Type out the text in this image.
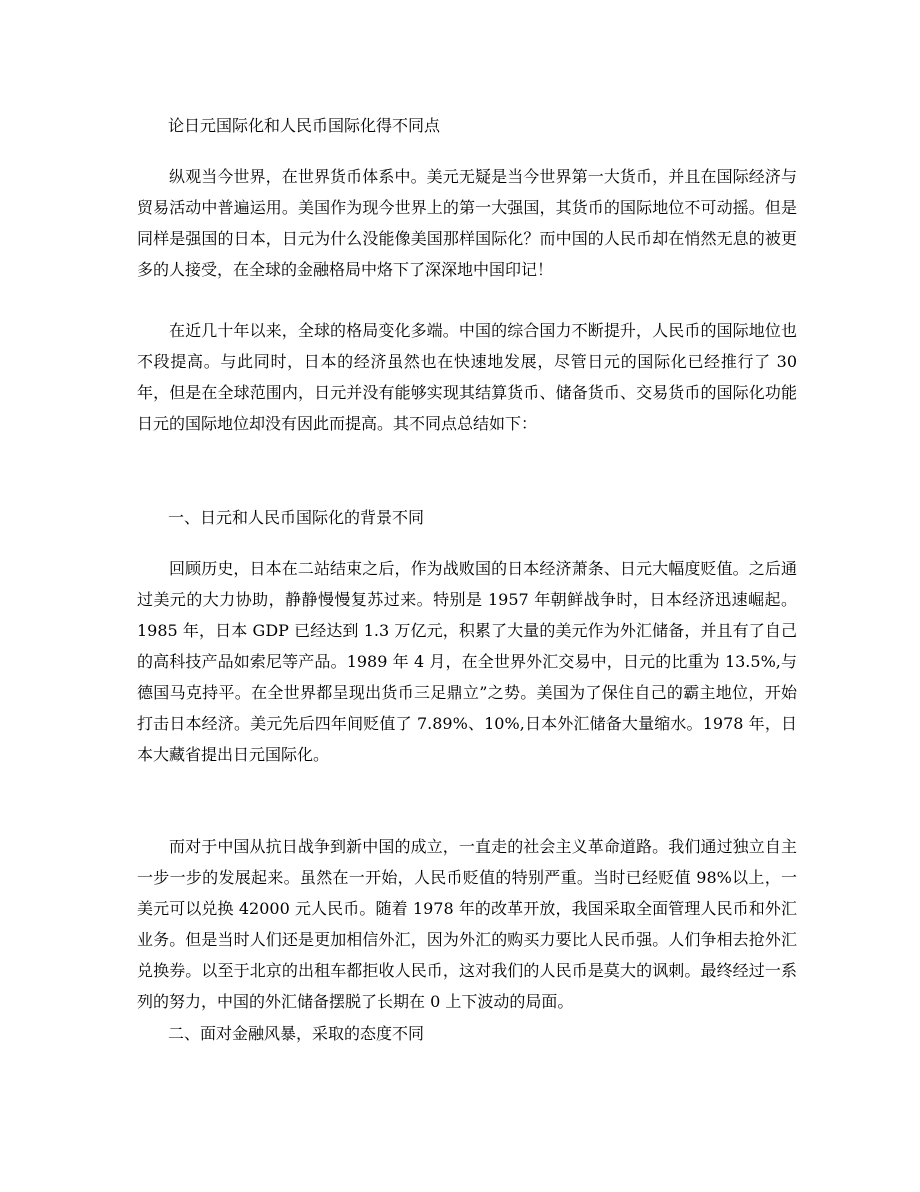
论日元国际化和人民币国际化得不同点

纵观当今世界，在世界货币体系中。美元无疑是当今世界第一大货币，并且在国际经济与贸易活动中普遍运用。美国作为现今世界上的第一大强国，其货币的国际地位不可动摇。但是同样是强国的日本，日元为什么没能像美国那样国际化？而中国的人民币却在悄然无息的被更多的人接受，在全球的金融格局中烙下了深深地中国印记！

在近几十年以来，全球的格局变化多端。中国的综合国力不断提升，人民币的国际地位也不段提高。与此同时，日本的经济虽然也在快速地发展，尽管日元的国际化已经推行了 30 年，但是在全球范围内，日元并没有能够实现其结算货币、储备货币、交易货币的国际化功能日元的国际地位却没有因此而提高。其不同点总结如下：

一、日元和人民币国际化的背景不同

回顾历史，日本在二站结束之后，作为战败国的日本经济萧条、日元大幅度贬值。之后通过美元的大力协助，静静慢慢复苏过来。特别是 1957 年朝鲜战争时，日本经济迅速崛起。1985 年，日本 GDP 已经达到 1.3 万亿元，积累了大量的美元作为外汇储备，并且有了自己的高科技产品如索尼等产品。1989 年 4 月，在全世界外汇交易中，日元的比重为 13.5%,与德国马克持平。在全世界都呈现出货币三足鼎立”之势。美国为了保住自己的霸主地位，开始打击日本经济。美元先后四年间贬值了 7.89%、10%,日本外汇储备大量缩水。1978 年，日本大藏省提出日元国际化。

而对于中国从抗日战争到新中国的成立，一直走的社会主义革命道路。我们通过独立自主一步一步的发展起来。虽然在一开始，人民币贬值的特别严重。当时已经贬值 98%以上，一美元可以兑换 42000 元人民币。随着 1978 年的改革开放，我国采取全面管理人民币和外汇业务。但是当时人们还是更加相信外汇，因为外汇的购买力要比人民币强。人们争相去抢外汇兑换券。以至于北京的出租车都拒收人民币，这对我们的人民币是莫大的讽刺。最终经过一系列的努力，中国的外汇储备摆脱了长期在 0 上下波动的局面。

二、面对金融风暴，采取的态度不同
